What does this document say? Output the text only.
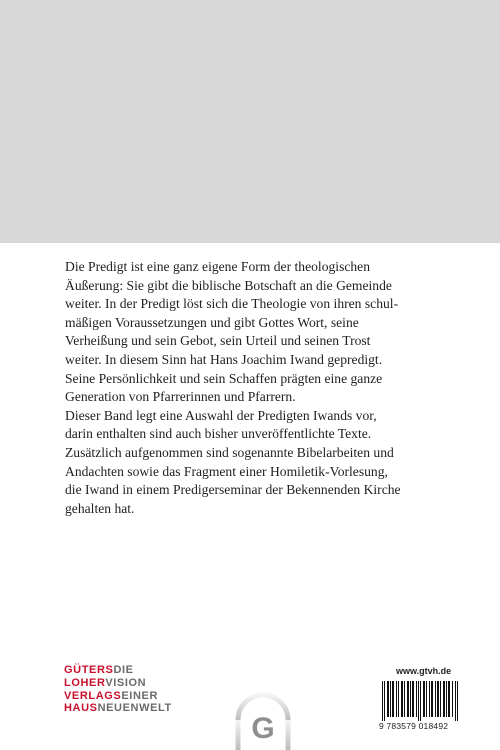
Die Predigt ist eine ganz eigene Form der theologischen

Äußerung: Sie gibt die biblische Botschaft an die Gemeinde

weiter. In der Predigt löst sich die Theologie von ihren schul-

mäßigen Voraussetzungen und gibt Gottes Wort, seine

Verheißung und sein Gebot, sein Urteil und seinen Trost

weiter. In diesem Sinn hat Hans Joachim Iwand gepredigt.

Seine Persönlichkeit und sein Schaffen prägten eine ganze

Generation von Pfarrerinnen und Pfarrern.

Dieser Band legt eine Auswahl der Predigten Iwands vor,

darin enthalten sind auch bisher unveröffentlichte Texte.

Zusätzlich aufgenommen sind sogenannte Bibelarbeiten und

Andachten sowie das Fragment einer Homiletik-Vorlesung,

die Iwand in einem Predigerseminar der Bekennenden Kirche

gehalten hat.

GÜTERSDIE
LOHERVISION
VERLAGSEINER
HAUSNEUENWELT
G
www.gtvh.de
9 783579 018492
